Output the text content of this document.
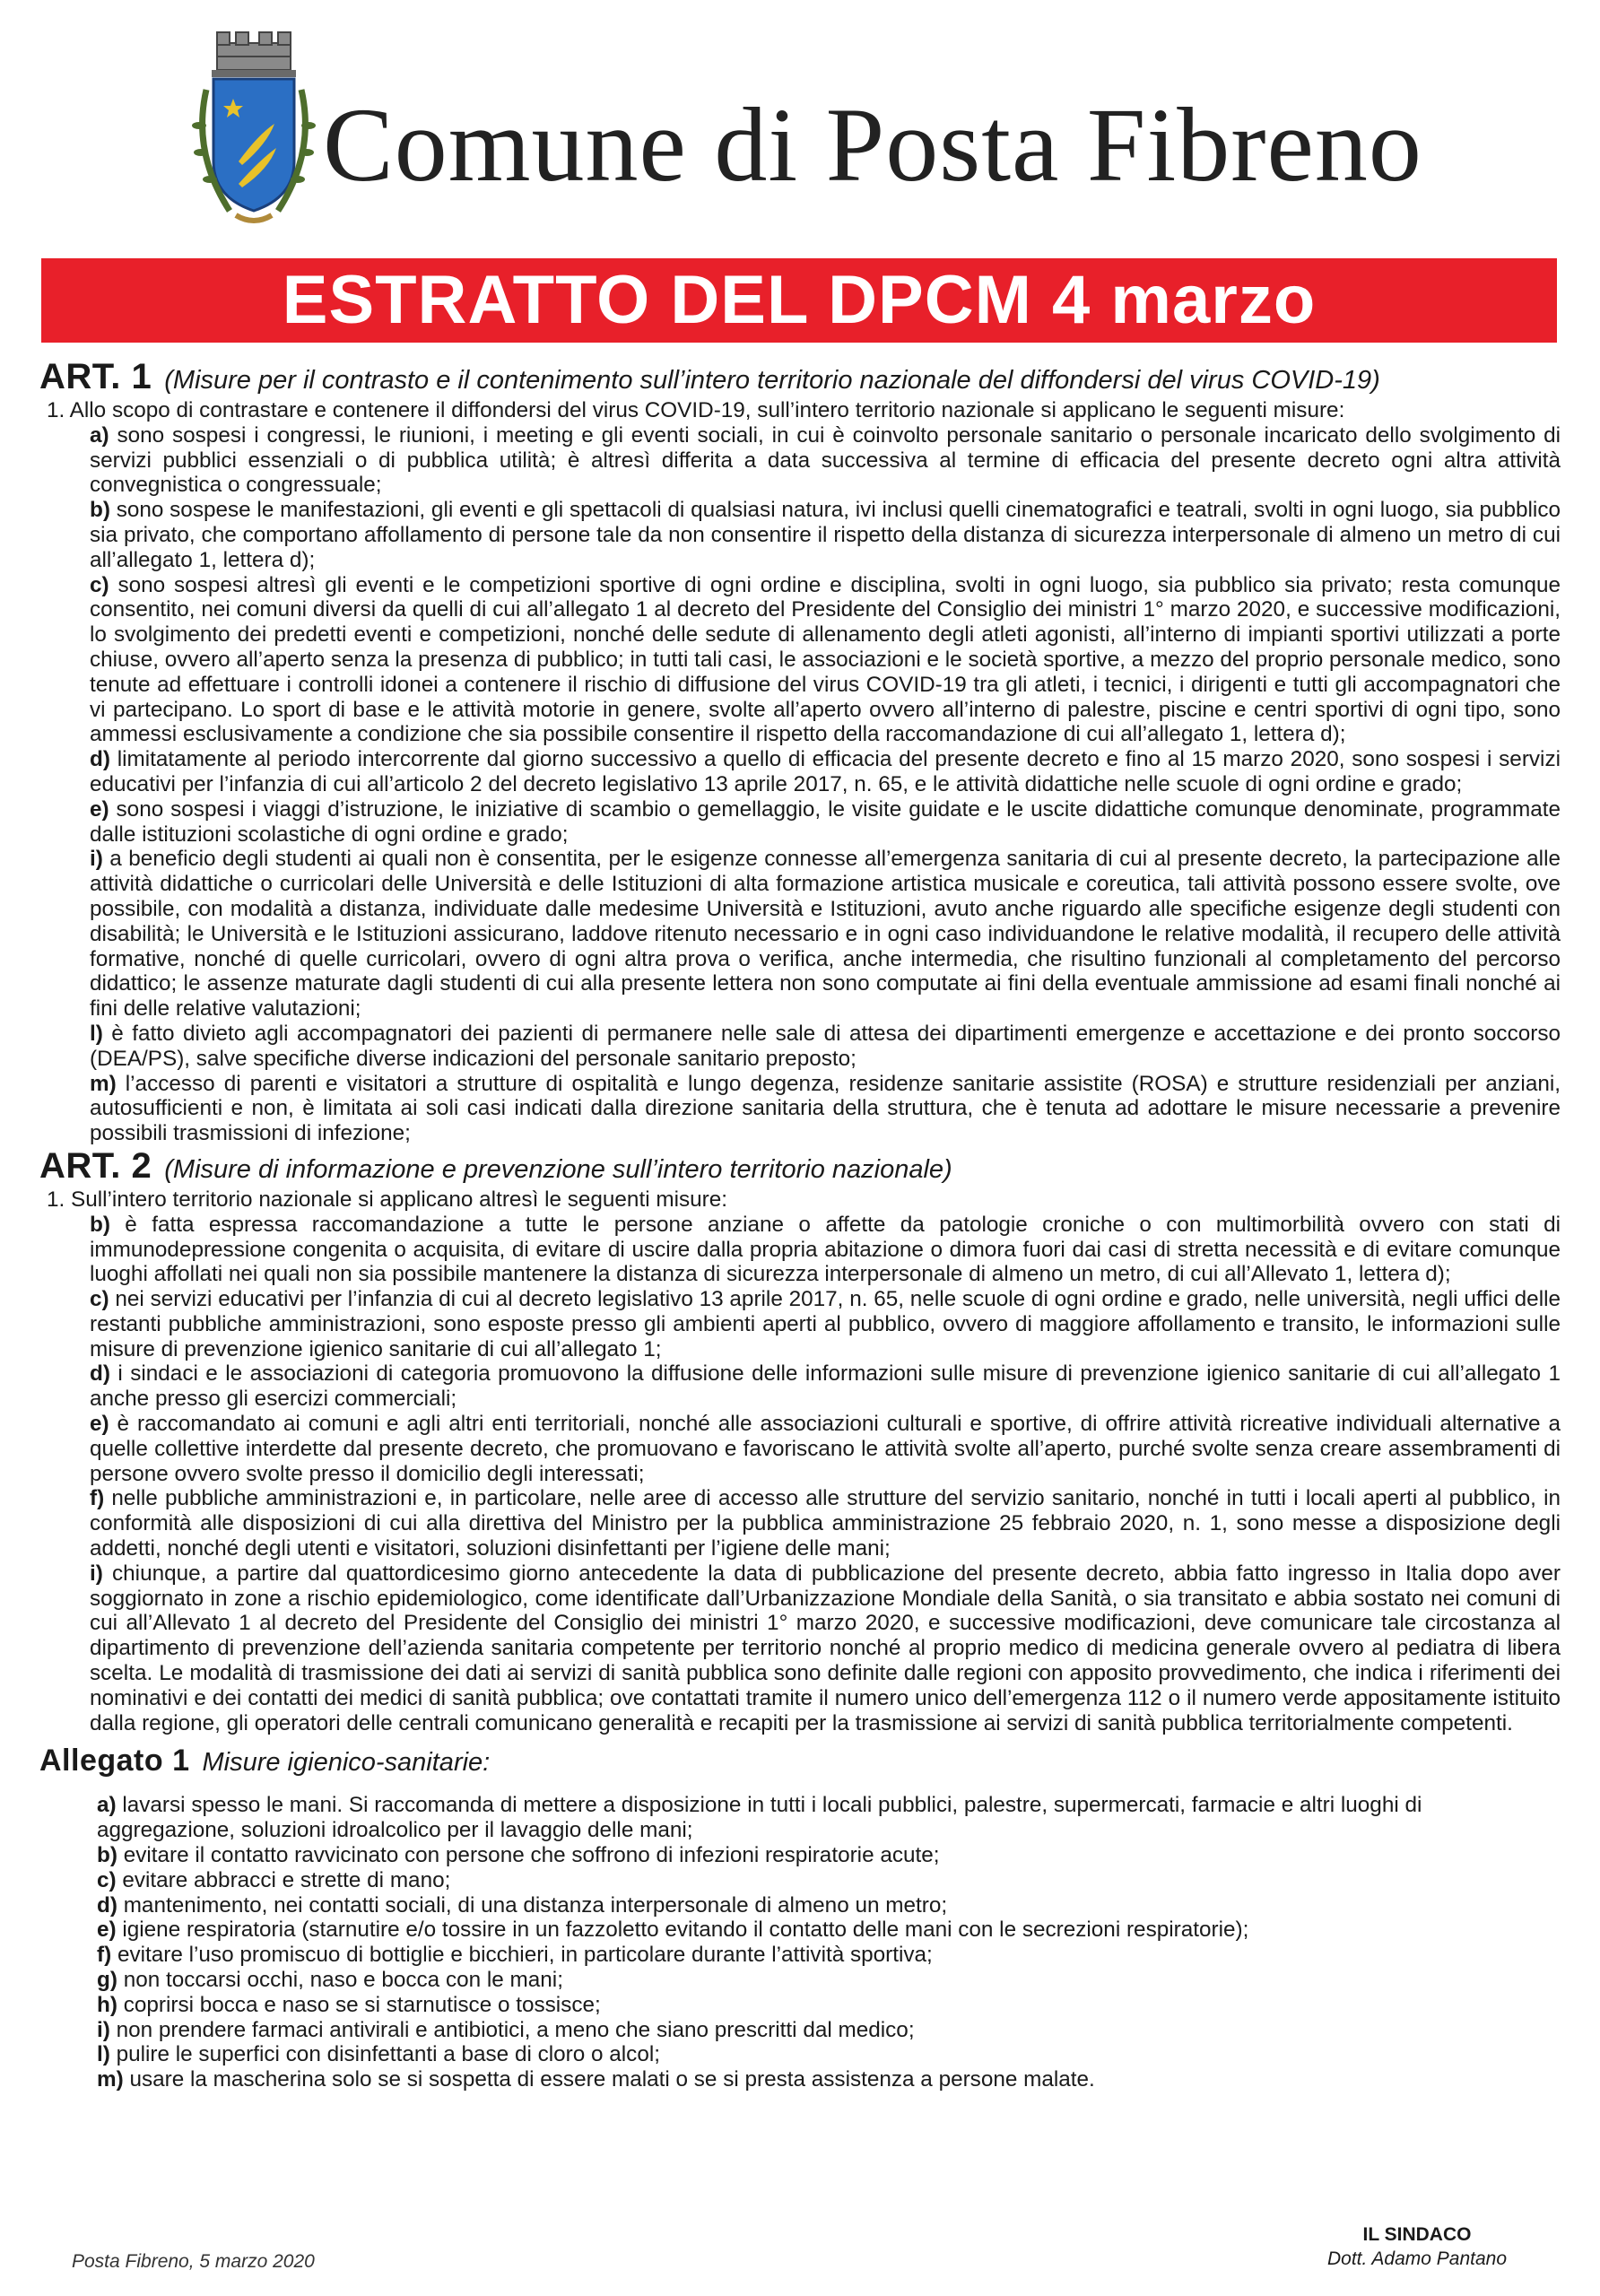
Comune di Posta Fibreno
ESTRATTO DEL DPCM 4 marzo
ART. 1 (Misure per il contrasto e il contenimento sull’intero territorio nazionale del diffondersi del virus COVID-19)

1. Allo scopo di contrastare e contenere il diffondersi del virus COVID-19, sull’intero territorio nazionale si applicano le seguenti misure:

a) sono sospesi i congressi, le riunioni, i meeting e gli eventi sociali, in cui è coinvolto personale sanitario o personale incaricato dello svolgimento di servizi pubblici essenziali o di pubblica utilità; è altresì differita a data successiva al termine di efficacia del presente decreto ogni altra attività convegnistica o congressuale;

b) sono sospese le manifestazioni, gli eventi e gli spettacoli di qualsiasi natura, ivi inclusi quelli cinematografici e teatrali, svolti in ogni luogo, sia pubblico sia privato, che comportano affollamento di persone tale da non consentire il rispetto della distanza di sicurezza interpersonale di almeno un metro di cui all’allegato 1, lettera d);

c) sono sospesi altresì gli eventi e le competizioni sportive di ogni ordine e disciplina, svolti in ogni luogo, sia pubblico sia privato; resta comunque consentito, nei comuni diversi da quelli di cui all’allegato 1 al decreto del Presidente del Consiglio dei ministri 1° marzo 2020, e successive modificazioni, lo svolgimento dei predetti eventi e competizioni, nonché delle sedute di allenamento degli atleti agonisti, all’interno di impianti sportivi utilizzati a porte chiuse, ovvero all’aperto senza la presenza di pubblico; in tutti tali casi, le associazioni e le società sportive, a mezzo del proprio personale medico, sono tenute ad effettuare i controlli idonei a contenere il rischio di diffusione del virus COVID-19 tra gli atleti, i tecnici, i dirigenti e tutti gli accompagnatori che vi partecipano. Lo sport di base e le attività motorie in genere, svolte all’aperto ovvero all’interno di palestre, piscine e centri sportivi di ogni tipo, sono ammessi esclusivamente a condizione che sia possibile consentire il rispetto della raccomandazione di cui all’allegato 1, lettera d);

d) limitatamente al periodo intercorrente dal giorno successivo a quello di efficacia del presente decreto e fino al 15 marzo 2020, sono sospesi i servizi educativi per l’infanzia di cui all’articolo 2 del decreto legislativo 13 aprile 2017, n. 65, e le attività didattiche nelle scuole di ogni ordine e grado;

e) sono sospesi i viaggi d’istruzione, le iniziative di scambio o gemellaggio, le visite guidate e le uscite didattiche comunque denominate, programmate dalle istituzioni scolastiche di ogni ordine e grado;

i) a beneficio degli studenti ai quali non è consentita, per le esigenze connesse all’emergenza sanitaria di cui al presente decreto, la partecipazione alle attività didattiche o curricolari delle Università e delle Istituzioni di alta formazione artistica musicale e coreutica, tali attività possono essere svolte, ove possibile, con modalità a distanza, individuate dalle medesime Università e Istituzioni, avuto anche riguardo alle specifiche esigenze degli studenti con disabilità; le Università e le Istituzioni assicurano, laddove ritenuto necessario e in ogni caso individuandone le relative modalità, il recupero delle attività formative, nonché di quelle curricolari, ovvero di ogni altra prova o verifica, anche intermedia, che risultino funzionali al completamento del percorso didattico; le assenze maturate dagli studenti di cui alla presente lettera non sono computate ai fini della eventuale ammissione ad esami finali nonché ai fini delle relative valutazioni;

l) è fatto divieto agli accompagnatori dei pazienti di permanere nelle sale di attesa dei dipartimenti emergenze e accettazione e dei pronto soccorso (DEA/PS), salve specifiche diverse indicazioni del personale sanitario preposto;

m) l’accesso di parenti e visitatori a strutture di ospitalità e lungo degenza, residenze sanitarie assistite (ROSA) e strutture residenziali per anziani, autosufficienti e non, è limitata ai soli casi indicati dalla direzione sanitaria della struttura, che è tenuta ad adottare le misure necessarie a prevenire possibili trasmissioni di infezione;

ART. 2 (Misure di informazione e prevenzione sull’intero territorio nazionale)

1. Sull’intero territorio nazionale si applicano altresì le seguenti misure:

b) è fatta espressa raccomandazione a tutte le persone anziane o affette da patologie croniche o con multimorbilità ovvero con stati di immunodepressione congenita o acquisita, di evitare di uscire dalla propria abitazione o dimora fuori dai casi di stretta necessità e di evitare comunque luoghi affollati nei quali non sia possibile mantenere la distanza di sicurezza interpersonale di almeno un metro, di cui all’Allevato 1, lettera d);

c) nei servizi educativi per l’infanzia di cui al decreto legislativo 13 aprile 2017, n. 65, nelle scuole di ogni ordine e grado, nelle università, negli uffici delle restanti pubbliche amministrazioni, sono esposte presso gli ambienti aperti al pubblico, ovvero di maggiore affollamento e transito, le informazioni sulle misure di prevenzione igienico sanitarie di cui all’allegato 1;

d) i sindaci e le associazioni di categoria promuovono la diffusione delle informazioni sulle misure di prevenzione igienico sanitarie di cui all’allegato 1 anche presso gli esercizi commerciali;

e) è raccomandato ai comuni e agli altri enti territoriali, nonché alle associazioni culturali e sportive, di offrire attività ricreative individuali alternative a quelle collettive interdette dal presente decreto, che promuovano e favoriscano le attività svolte all’aperto, purché svolte senza creare assembramenti di persone ovvero svolte presso il domicilio degli interessati;

f) nelle pubbliche amministrazioni e, in particolare, nelle aree di accesso alle strutture del servizio sanitario, nonché in tutti i locali aperti al pubblico, in conformità alle disposizioni di cui alla direttiva del Ministro per la pubblica amministrazione 25 febbraio 2020, n. 1, sono messe a disposizione degli addetti, nonché degli utenti e visitatori, soluzioni disinfettanti per l’igiene delle mani;

i) chiunque, a partire dal quattordicesimo giorno antecedente la data di pubblicazione del presente decreto, abbia fatto ingresso in Italia dopo aver soggiornato in zone a rischio epidemiologico, come identificate dall’Urbanizzazione Mondiale della Sanità, o sia transitato e abbia sostato nei comuni di cui all’Allevato 1 al decreto del Presidente del Consiglio dei ministri 1° marzo 2020, e successive modificazioni, deve comunicare tale circostanza al dipartimento di prevenzione dell’azienda sanitaria competente per territorio nonché al proprio medico di medicina generale ovvero al pediatra di libera scelta. Le modalità di trasmissione dei dati ai servizi di sanità pubblica sono definite dalle regioni con apposito provvedimento, che indica i riferimenti dei nominativi e dei contatti dei medici di sanità pubblica; ove contattati tramite il numero unico dell’emergenza 112 o il numero verde appositamente istituito dalla regione, gli operatori delle centrali comunicano generalità e recapiti per la trasmissione ai servizi di sanità pubblica territorialmente competenti.

Allegato 1 Misure igienico-sanitarie:

a) lavarsi spesso le mani. Si raccomanda di mettere a disposizione in tutti i locali pubblici, palestre, supermercati, farmacie e altri luoghi di aggregazione, soluzioni idroalcolico per il lavaggio delle mani;

b) evitare il contatto ravvicinato con persone che soffrono di infezioni respiratorie acute;

c) evitare abbracci e strette di mano;

d) mantenimento, nei contatti sociali, di una distanza interpersonale di almeno un metro;

e) igiene respiratoria (starnutire e/o tossire in un fazzoletto evitando il contatto delle mani con le secrezioni respiratorie);

f) evitare l’uso promiscuo di bottiglie e bicchieri, in particolare durante l’attività sportiva;

g) non toccarsi occhi, naso e bocca con le mani;

h) coprirsi bocca e naso se si starnutisce o tossisce;

i) non prendere farmaci antivirali e antibiotici, a meno che siano prescritti dal medico;

l) pulire le superfici con disinfettanti a base di cloro o alcol;

m) usare la mascherina solo se si sospetta di essere malati o se si presta assistenza a persone malate.

Posta Fibreno, 5 marzo 2020
IL SINDACO
Dott. Adamo Pantano
